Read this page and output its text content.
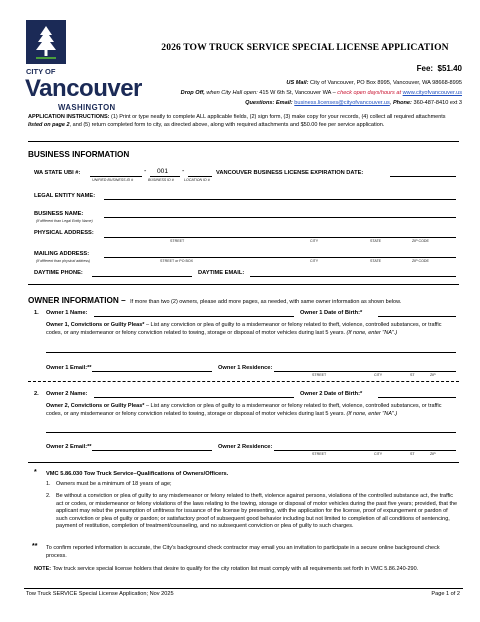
CITY OF
Vancouver
WASHINGTON
2026 TOW TRUCK SERVICE SPECIAL LICENSE APPLICATION
Fee: $51.40
US Mail: City of Vancouver, PO Box 8995, Vancouver, WA 98668-8995
Drop Off, when City Hall open: 415 W 6th St, Vancouver WA – check open days/hours at www.cityofvancouver.us
Questions: Email: business.licenses@cityofvancouver.us, Phone: 360-487-8410 ext 3
APPLICATION INSTRUCTIONS: (1) Print or type neatly to complete ALL applicable fields, (2) sign form, (3) make copy for your records, (4) collect all required attachments listed on page 2, and (5) return completed form to city, as directed above, along with required attachments and $50.00 fee per service application.
BUSINESS INFORMATION
WA STATE UBI #:	- 001 -
UNIFIED BUSINESS ID #	BUSINESS ID #	LOCATION ID #
VANCOUVER BUSINESS LICENSE EXPIRATION DATE:
LEGAL ENTITY NAME:
BUSINESS NAME:
(If different than Legal Entity Name)
PHYSICAL ADDRESS:
STREET	CITY	STATE	ZIP CODE
MAILING ADDRESS:
(If different than physical address)	STREET or PO BOX	CITY	STATE	ZIP CODE
DAYTIME PHONE:	DAYTIME EMAIL:
OWNER INFORMATION – If more than two (2) owners, please add more pages, as needed, with same owner information as shown below.
1. Owner 1 Name:	Owner 1 Date of Birth:*
Owner 1, Convictions or Guilty Pleas* – List any conviction or plea of guilty to a misdemeanor or felony related to theft, violence, controlled substances, or traffic codes, or any misdemeanor or felony conviction related to towing, storage or disposal of motor vehicles during last 5 years. (If none, enter "NA".)
Owner 1 Email:**	Owner 1 Residence:
STREET	CITY	ST	ZIP
2. Owner 2 Name:	Owner 2 Date of Birth:*
Owner 2, Convictions or Guilty Pleas* – List any conviction or plea of guilty to a misdemeanor or felony related to theft, violence, controlled substances, or traffic codes, or any misdemeanor or felony conviction related to towing, storage or disposal of motor vehicles during last 5 years. (If none, enter "NA".)
Owner 2 Email:**	Owner 2 Residence:
STREET	CITY	ST	ZIP
* VMC 5.86.030 Tow Truck Service–Qualifications of Owners/Officers.
1. Owners must be a minimum of 18 years of age;
2. Be without a conviction or plea of guilty to any misdemeanor or felony related to theft, violence against persons, violations of the controlled substance act, the traffic act or codes, or misdemeanor or felony violations of the laws relating to the towing, storage or disposal of motor vehicles during the past five years; provided, that the applicant may rebut the presumption of unfitness for issuance of the license by presenting, with the application for the license, proof of expungement or pardon of such conviction or plea of guilty or pardon; or satisfactory proof of subsequent good behavior including but not limited to completion of all conditions of sentencing, payment of restitution, completion of treatment/counseling, and no subsequent conviction or plea of guilty to such charges.
** To confirm reported information is accurate, the City's background check contractor may email you an invitation to participate in a secure online background check process.
NOTE: Tow truck service special license holders that desire to qualify for the city rotation list must comply with all requirements set forth in VMC 5.86.240-290.
Tow Truck SERVICE Special License Application; Nov 2025	Page 1 of 2
